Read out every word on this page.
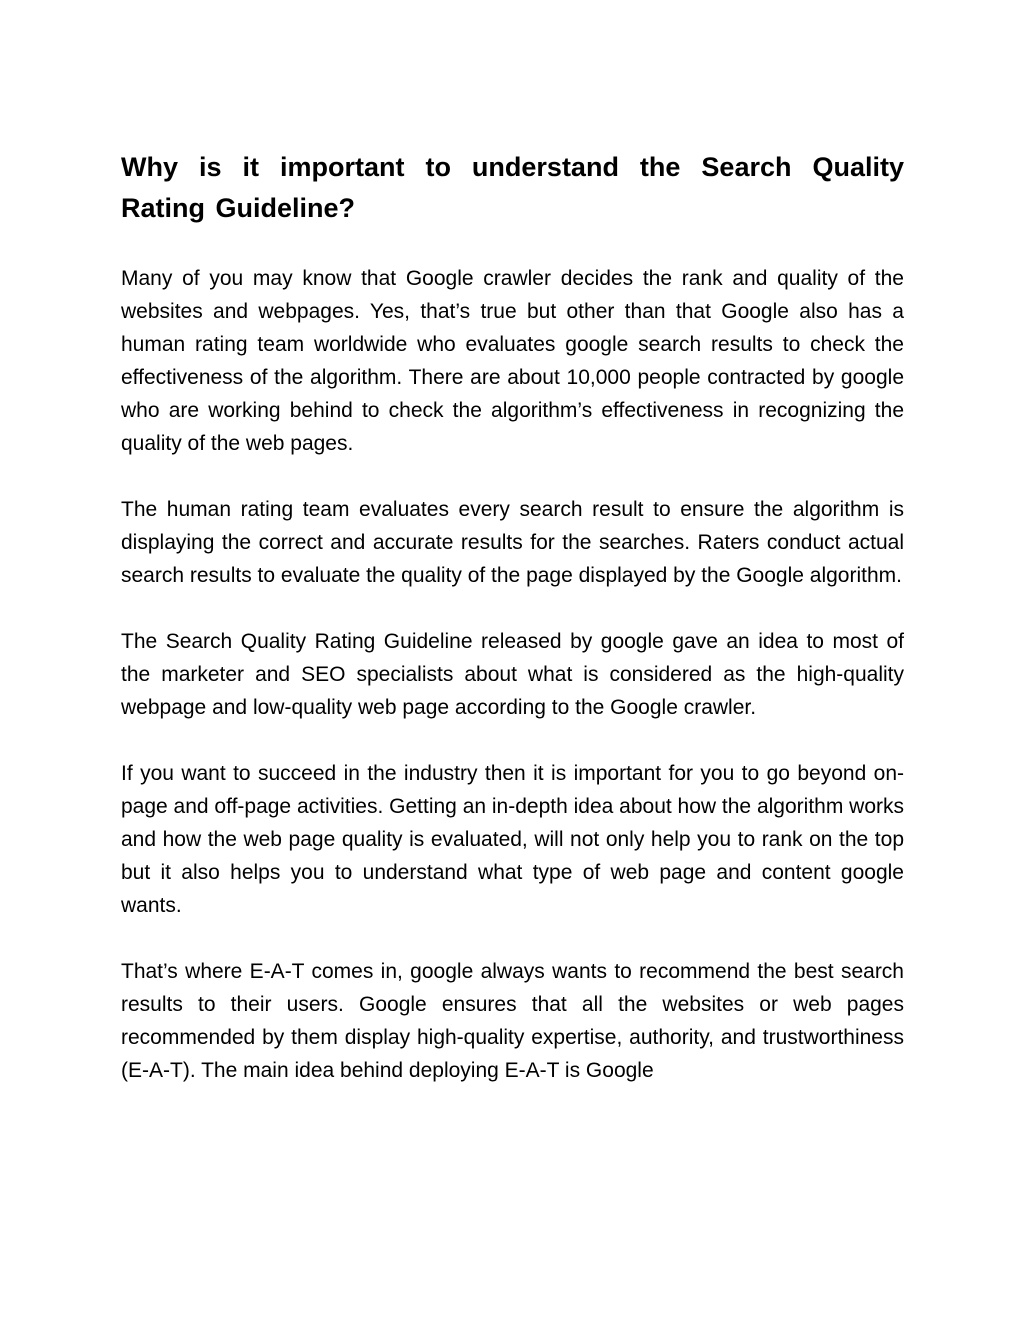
Why is it important to understand the Search Quality Rating Guideline?

Many of you may know that Google crawler decides the rank and quality of the websites and webpages. Yes, that’s true but other than that Google also has a human rating team worldwide who evaluates google search results to check the effectiveness of the algorithm. There are about 10,000 people contracted by google who are working behind to check the algorithm’s effectiveness in recognizing the quality of the web pages.

The human rating team evaluates every search result to ensure the algorithm is displaying the correct and accurate results for the searches. Raters conduct actual search results to evaluate the quality of the page displayed by the Google algorithm.

The Search Quality Rating Guideline released by google gave an idea to most of the marketer and SEO specialists about what is considered as the high-quality webpage and low-quality web page according to the Google crawler.

If you want to succeed in the industry then it is important for you to go beyond on-page and off-page activities. Getting an in-depth idea about how the algorithm works and how the web page quality is evaluated, will not only help you to rank on the top but it also helps you to understand what type of web page and content google wants.

That’s where E-A-T comes in, google always wants to recommend the best search results to their users. Google ensures that all the websites or web pages recommended by them display high-quality expertise, authority, and trustworthiness (E-A-T). The main idea behind deploying E-A-T is Google
